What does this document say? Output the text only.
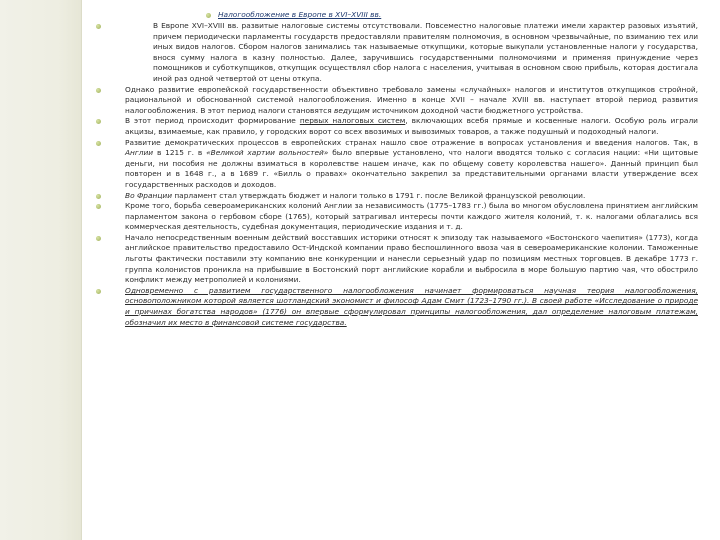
Налогообложение в Европе в XVI–XVIII вв.

В Европе XVI–XVIII вв. развитые налоговые системы отсутствовали. Повсеместно налоговые платежи имели характер разовых изъятий, причем периодически парламенты государств предоставляли правителям полномочия, в основном чрезвычайные, по взиманию тех или иных видов налогов. Сбором налогов занимались так называемые откупщики, которые выкупали установленные налоги у государства, внося сумму налога в казну полностью. Далее, заручившись государственными полномочиями и применяя принуждение через помощников и суботкупщиков, откупщик осуществлял сбор налога с населения, учитывая в основном свою прибыль, которая достигала иной раз одной четвертой от цены откупа.

Однако развитие европейской государственности объективно требовало замены «случайных» налогов и институтов откупщиков стройной, рациональной и обоснованной системой налогообложения. Именно в конце XVII – начале XVIII вв. наступает второй период развития налогообложения. В этот период налоги становятся ведущим источником доходной части бюджетного устройства.

В этот период происходит формирование первых налоговых систем, включающих всебя прямые и косвенные налоги. Особую роль играли акцизы, взимаемые, как правило, у городских ворот со всех ввозимых и вывозимых товаров, а также подушный и подоходный налоги.

Развитие демократических процессов в европейских странах нашло свое отражение в вопросах установления и введения налогов. Так, в Англии в 1215 г. в «Великой хартии вольностей» было впервые установлено, что налоги вводятся только с согласия нации: «Ни щитовые деньги, ни пособия не должны взиматься в королевстве нашем иначе, как по общему совету королевства нашего». Данный принцип был повторен и в 1648 г., а в 1689 г. «Билль о правах» окончательно закрепил за представительными органами власти утверждение всех государственных расходов и доходов.

Во Франции парламент стал утверждать бюджет и налоги только в 1791 г. после Великой французской революции.

Кроме того, борьба североамериканских колоний Англии за независимость (1775–1783 гг.) была во многом обусловлена принятием английским парламентом закона о гербовом сборе (1765), который затрагивал интересы почти каждого жителя колоний, т. к. налогами облагались вся коммерческая деятельность, судебная документация, периодические издания и т. д.

Начало непосредственным военным действий восставших историки относят к эпизоду так называемого «Бостонского чаепития» (1773), когда английское правительство предоставило Ост-Индской компании право беспошлинного ввоза чая в североамериканские колонии. Таможенные льготы фактически поставили эту компанию вне конкуренции и нанесли серьезный удар по позициям местных торговцев. В декабре 1773 г. группа колонистов проникла на прибывшие в Бостонский порт английские корабли и выбросила в море большую партию чая, что обострило конфликт между метрополией и колониями.

Одновременно с развитием государственного налогообложения начинает формироваться научная теория налогообложения, основоположником которой является шотландский экономист и философ Адам Смит (1723–1790 гг.). В своей работе «Исследование о природе и причинах богатства народов» (1776) он впервые сформулировал принципы налогообложения, дал определение налоговым платежам, обозначил их место в финансовой системе государства.
